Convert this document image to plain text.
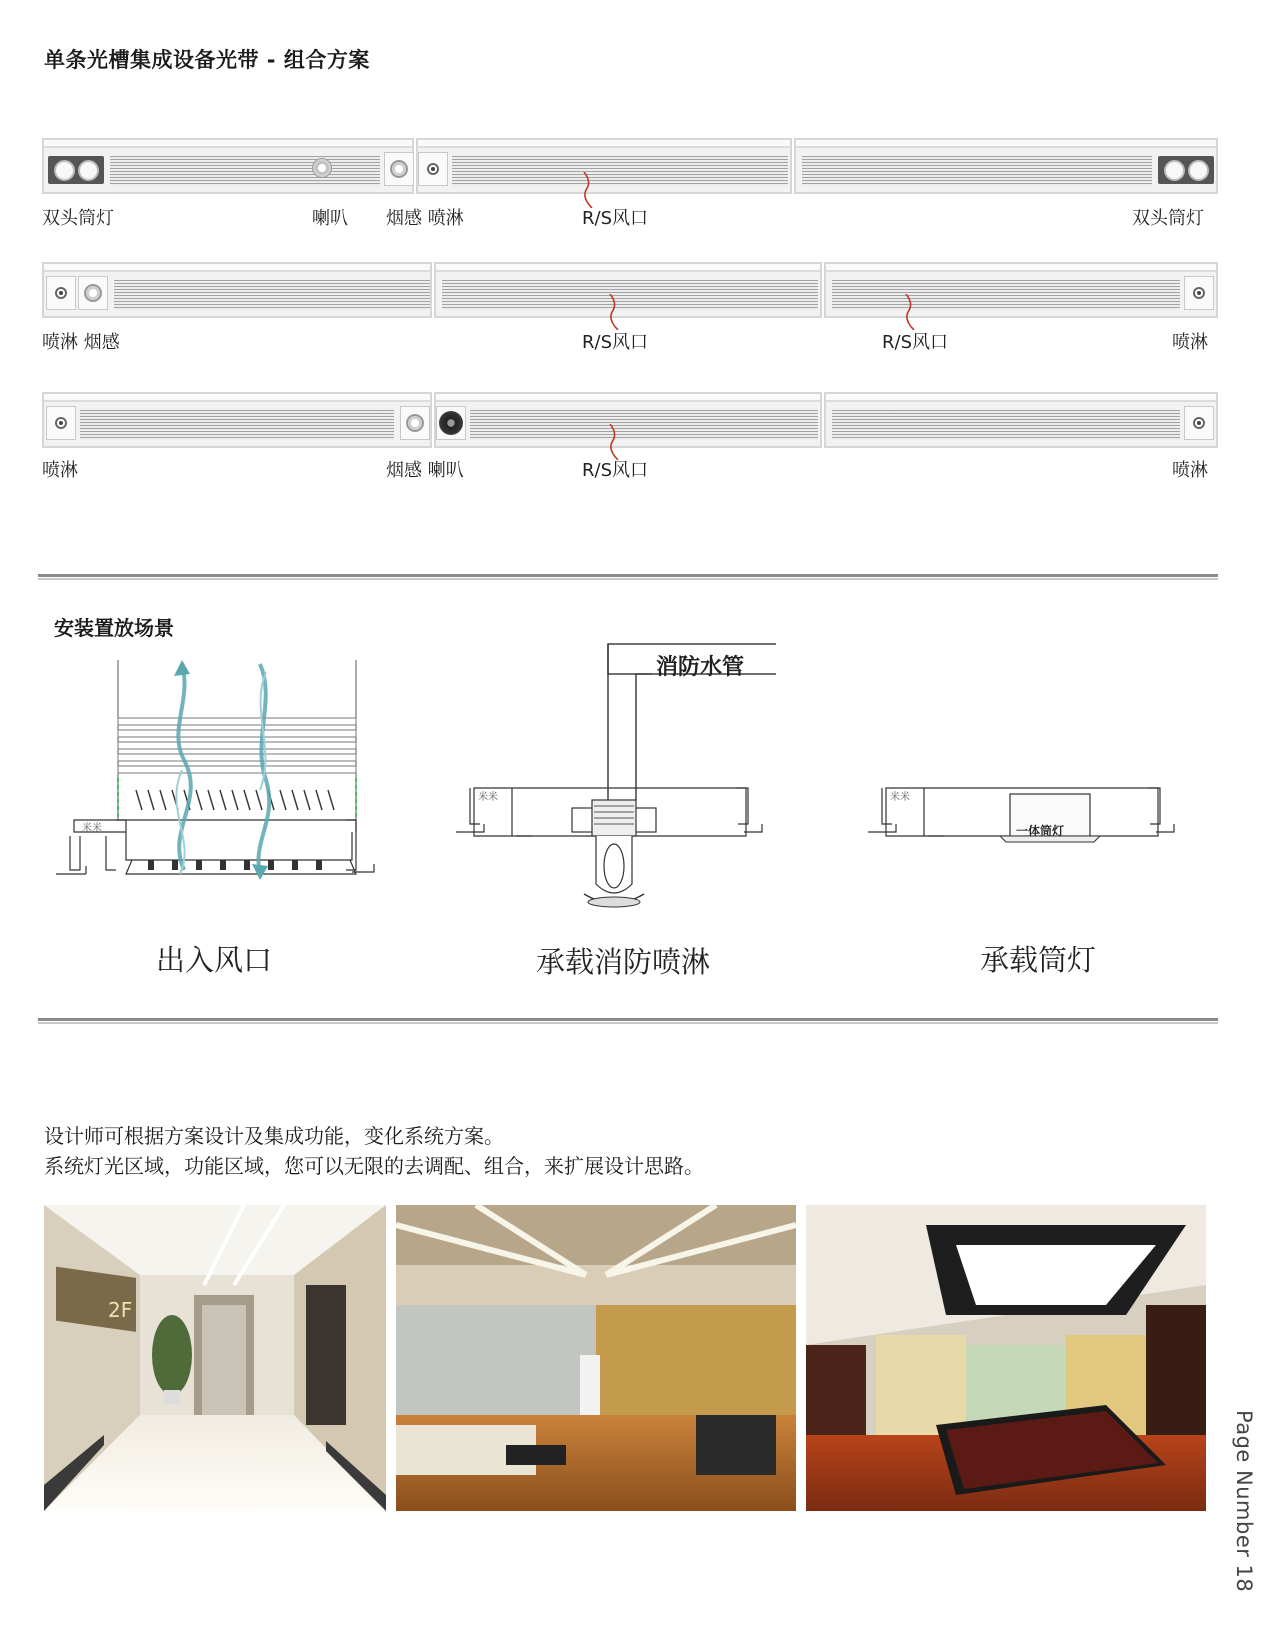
单条光槽集成设备光带 - 组合方案
双头筒灯	喇叭 烟感 喷淋	R/S风口	双头筒灯
喷淋 烟感	R/S风口	R/S风口	喷淋
喷淋	烟感 喇叭	R/S风口	喷淋
安装置放场景
米米
出入风口
米米
消防水管
承载消防喷淋
米米
一体筒灯
承载筒灯
设计师可根据方案设计及集成功能，变化系统方案。
系统灯光区域，功能区域，您可以无限的去调配、组合，来扩展设计思路。
2F
Page Number 18
